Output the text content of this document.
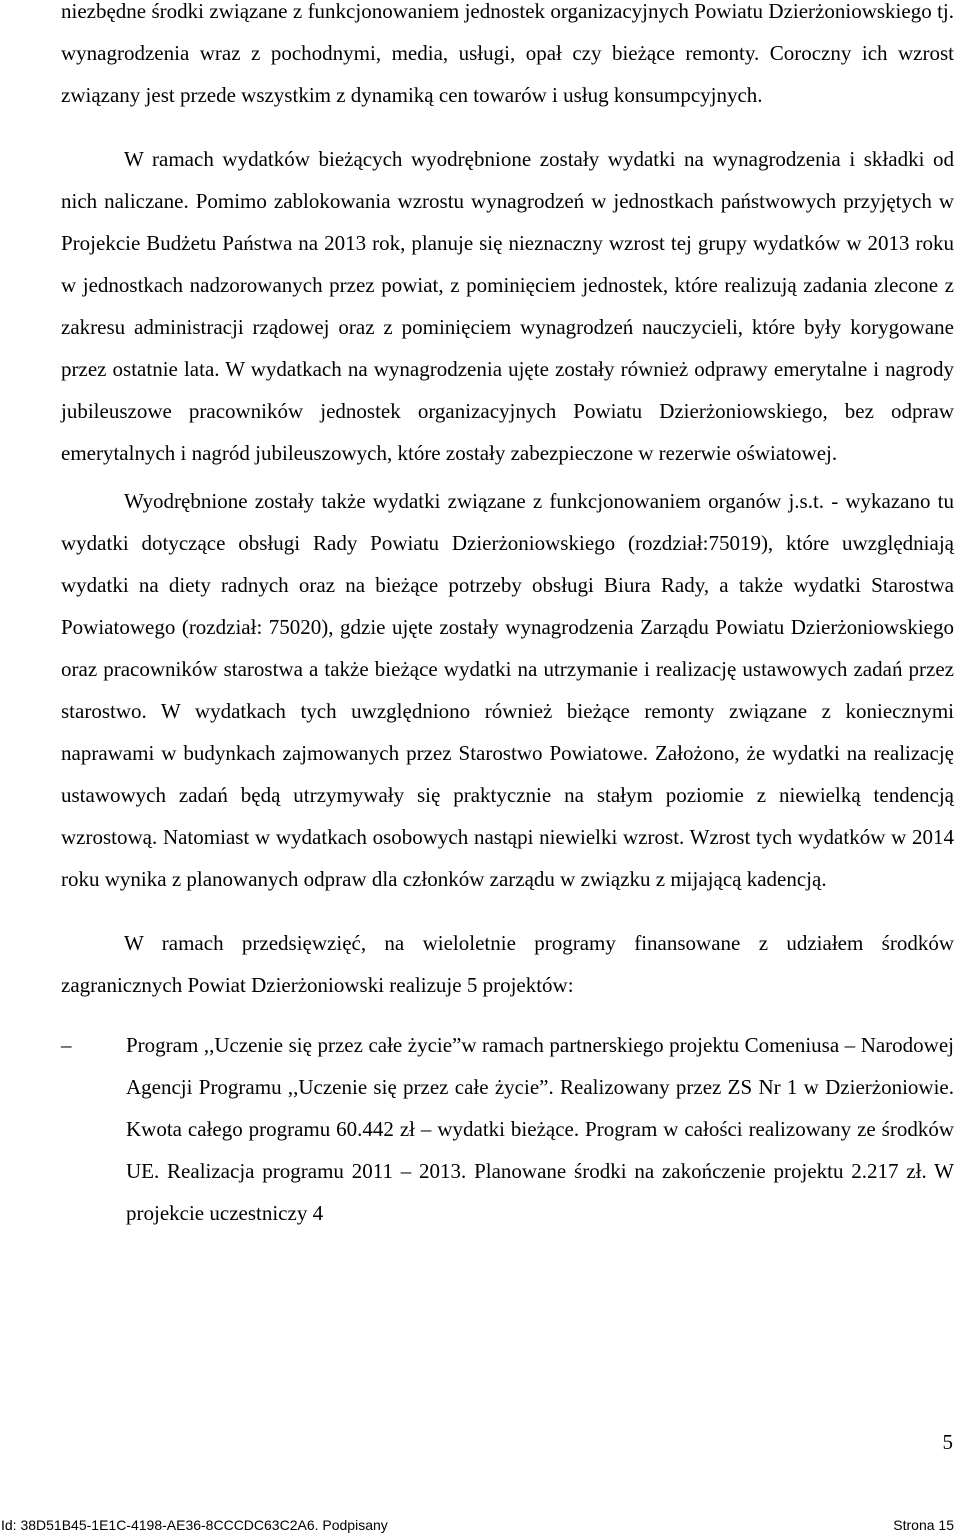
niezbędne środki związane z funkcjonowaniem jednostek organizacyjnych Powiatu Dzierżoniowskiego tj. wynagrodzenia wraz z pochodnymi, media, usługi, opał czy bieżące remonty. Coroczny ich wzrost związany jest przede wszystkim z dynamiką cen towarów i usług konsumpcyjnych.

W ramach wydatków bieżących wyodrębnione zostały wydatki na wynagrodzenia i składki od nich naliczane. Pomimo zablokowania wzrostu wynagrodzeń w jednostkach państwowych przyjętych w Projekcie Budżetu Państwa na 2013 rok, planuje się nieznaczny wzrost tej grupy wydatków w 2013 roku w jednostkach nadzorowanych przez powiat, z pominięciem jednostek, które realizują zadania zlecone z zakresu administracji rządowej oraz z pominięciem wynagrodzeń nauczycieli, które były korygowane przez ostatnie lata. W wydatkach na wynagrodzenia ujęte zostały również odprawy emerytalne i nagrody jubileuszowe pracowników jednostek organizacyjnych Powiatu Dzierżoniowskiego, bez odpraw emerytalnych i nagród jubileuszowych, które zostały zabezpieczone w rezerwie oświatowej.

Wyodrębnione zostały także wydatki związane z funkcjonowaniem organów j.s.t. - wykazano tu wydatki dotyczące obsługi Rady Powiatu Dzierżoniowskiego (rozdział:75019), które uwzględniają wydatki na diety radnych oraz na bieżące potrzeby obsługi Biura Rady, a także wydatki Starostwa Powiatowego (rozdział: 75020), gdzie ujęte zostały wynagrodzenia Zarządu Powiatu Dzierżoniowskiego oraz pracowników starostwa a także bieżące wydatki na utrzymanie i realizację ustawowych zadań przez starostwo. W wydatkach tych uwzględniono również bieżące remonty związane z koniecznymi naprawami w budynkach zajmowanych przez Starostwo Powiatowe. Założono, że wydatki na realizację ustawowych zadań będą utrzymywały się praktycznie na stałym poziomie z niewielką tendencją wzrostową. Natomiast w wydatkach osobowych nastąpi niewielki wzrost. Wzrost tych wydatków w 2014 roku wynika z planowanych odpraw dla członków zarządu w związku z mijającą kadencją.

W ramach przedsięwzięć, na wieloletnie programy finansowane z udziałem środków zagranicznych Powiat Dzierżoniowski realizuje 5 projektów:

–	Program ,,Uczenie się przez całe życie”w ramach partnerskiego projektu Comeniusa – Narodowej Agencji Programu ,,Uczenie się przez całe życie”. Realizowany przez ZS Nr 1 w Dzierżoniowie. Kwota całego programu 60.442 zł – wydatki bieżące. Program w całości realizowany ze środków UE. Realizacja programu 2011 – 2013. Planowane środki na zakończenie projektu 2.217 zł. W projekcie uczestniczy 4
5
Id: 38D51B45-1E1C-4198-AE36-8CCCDC63C2A6. Podpisany	Strona 15
